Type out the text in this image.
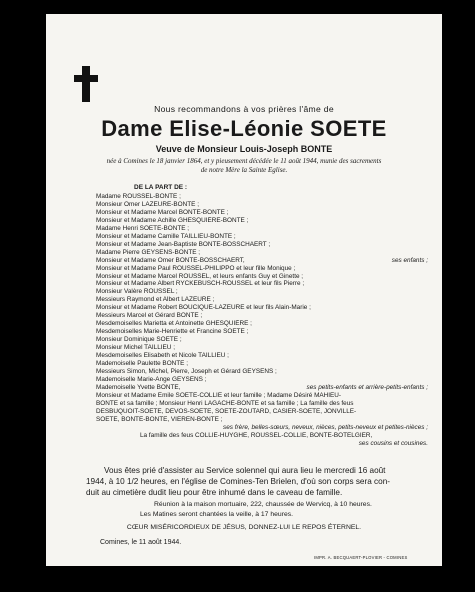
Nous recommandons à vos prières l'âme de
Dame Elise-Léonie SOETE
Veuve de Monsieur Louis-Joseph BONTE
née à Comines le 18 janvier 1864, et y pieusement décédée le 11 août 1944, munie des sacrements
de notre Mère la Sainte Eglise.
DE LA PART DE :
Madame ROUSSEL-BONTE ;
Monsieur Omer LAZEURE-BONTE ;
Monsieur et Madame Marcel BONTE-BONTE ;
Monsieur et Madame Achille GHESQUIÈRE-BONTE ;
Madame Henri SOETE-BONTE ;
Monsieur et Madame Camille TAILLIEU-BONTE ;
Monsieur et Madame Jean-Baptiste BONTE-BOSSCHAERT ;
Madame Pierre GEYSENS-BONTE ;
Monsieur et Madame Omer BONTE-BOSSCHAERT,	ses enfants ;
Monsieur et Madame Paul ROUSSEL-PHILIPPO et leur fille Monique ;
Monsieur et Madame Marcel ROUSSEL, et leurs enfants Guy et Ginette ;
Monsieur et Madame Albert RYCKEBUSCH-ROUSSEL et leur fils Pierre ;
Monsieur Valère ROUSSEL ;
Messieurs Raymond et Albert LAZEURE ;
Monsieur et Madame Robert BOUCIQUÉ-LAZEURE et leur fils Alain-Marie ;
Messieurs Marcel et Gérard BONTE ;
Mesdemoiselles Marietta et Antoinette GHESQUIÈRE ;
Mesdemoiselles Marie-Henriette et Francine SOETE ;
Monsieur Dominique SOETE ;
Monsieur Michel TAILLIEU ;
Mesdemoiselles Elisabeth et Nicole TAILLIEU ;
Mademoiselle Paulette BONTE ;
Messieurs Simon, Michel, Pierre, Joseph et Gérard GEYSENS ;
Mademoiselle Marie-Ange GEYSENS ;
Mademoiselle Yvette BONTE,	ses petits-enfants et arrière-petits-enfants ;
Monsieur et Madame Emile SOETE-COLLIE et leur famille ; Madame Désiré MAHIEU-
BONTE et sa famille ; Monsieur Henri LAGACHE-BONTE et sa famille ; La famille des feus
DESBUQUOIT-SOETE, DEVOS-SOETE, SOETE-ZOUTARD, CASIER-SOETE, JONVILLE-
SOETE, BONTE-BONTE, VIEREN-BONTE ;
ses frère, belles-sœurs, neveux, nièces, petits-neveux et petites-nièces ;
La famille des feus COLLIE-HUYGHE, ROUSSEL-COLLIE, BONTE-BOTELGIER,
ses cousins et cousines.
Vous êtes prié d'assister au Service solennel qui aura lieu le mercredi 16 août
1944, à 10 1/2 heures, en l'église de Comines-Ten Brielen, d'où son corps sera con-
duit au cimetière dudit lieu pour être inhumé dans le caveau de famille.
Réunion à la maison mortuaire, 222, chaussée de Wervicq, à 10 heures.
Les Matines seront chantées la veille, à 17 heures.
CŒUR MISÉRICORDIEUX DE JÉSUS, DONNEZ-LUI LE REPOS ÉTERNEL.
Comines, le 11 août 1944.
IMPR. A. BECQUAERT-PLOVIER - COMINES
